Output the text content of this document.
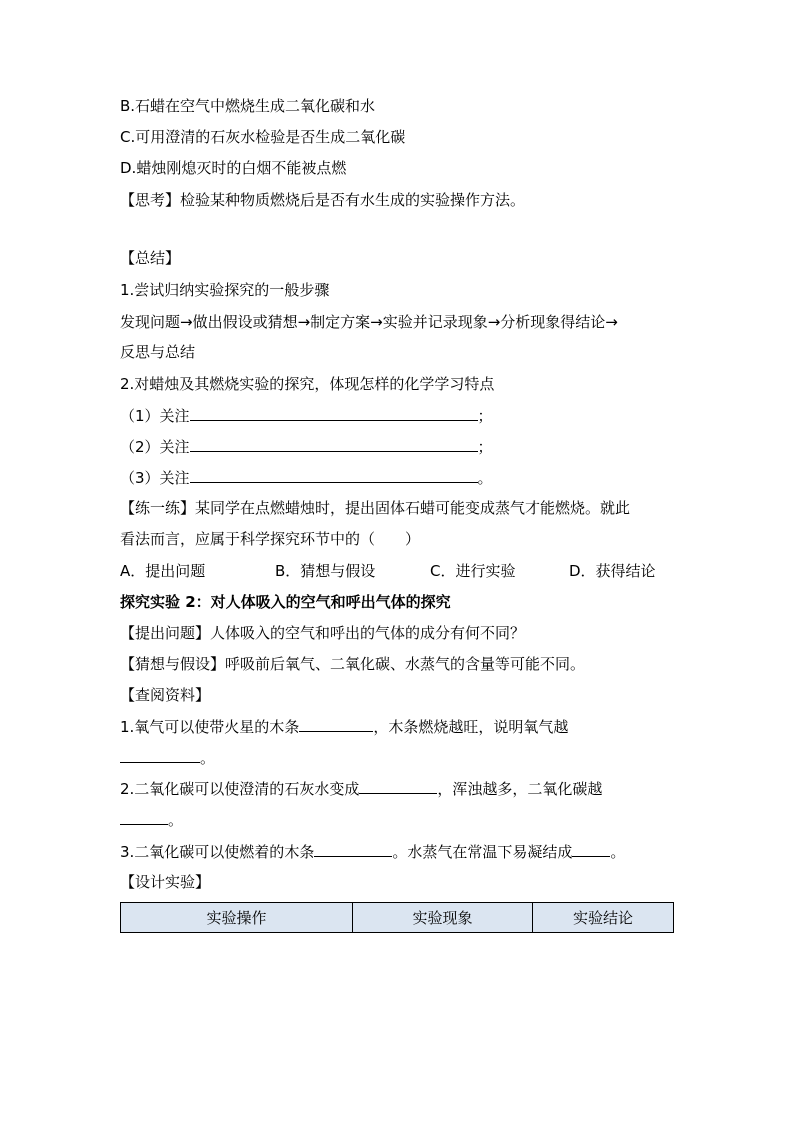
B.石蜡在空气中燃烧生成二氧化碳和水
C.可用澄清的石灰水检验是否生成二氧化碳
D.蜡烛刚熄灭时的白烟不能被点燃
【思考】检验某种物质燃烧后是否有水生成的实验操作方法。
【总结】
1.尝试归纳实验探究的一般步骤
发现问题→做出假设或猜想→制定方案→实验并记录现象→分析现象得结论→
反思与总结
2.对蜡烛及其燃烧实验的探究，体现怎样的化学学习特点
（1）关注	；
（2）关注	；
（3）关注	。
【练一练】某同学在点燃蜡烛时，提出固体石蜡可能变成蒸气才能燃烧。就此
看法而言，应属于科学探究环节中的（　　）
A．提出问题	B．猜想与假设	C．进行实验	D．获得结论
探究实验 2：对人体吸入的空气和呼出气体的探究
【提出问题】人体吸入的空气和呼出的气体的成分有何不同？
【猜想与假设】呼吸前后氧气、二氧化碳、水蒸气的含量等可能不同。
【查阅资料】
1.氧气可以使带火星的木条	，木条燃烧越旺，说明氧气越
。
2.二氧化碳可以使澄清的石灰水变成	，浑浊越多，二氧化碳越
。
3.二氧化碳可以使燃着的木条	。水蒸气在常温下易凝结成	。
【设计实验】
实验操作	实验现象	实验结论
